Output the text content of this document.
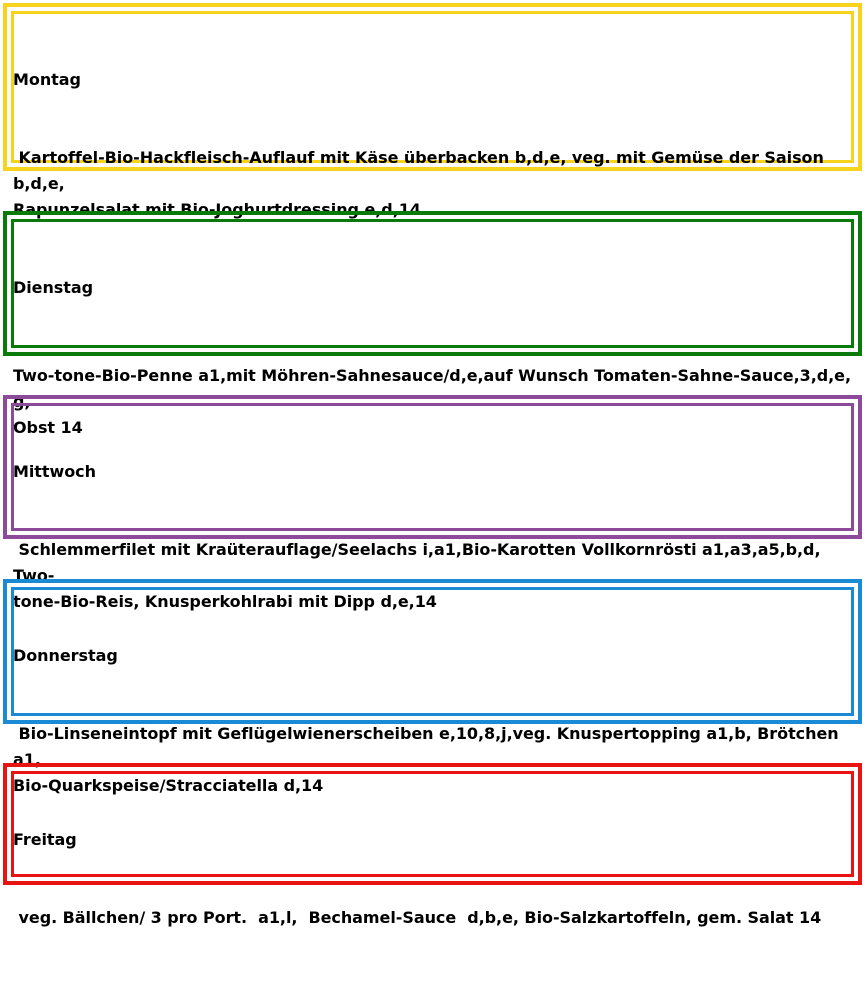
Montag

Kartoffel-Bio-Hackfleisch-Auflauf mit Käse überbacken b,d,e, veg. mit Gemüse der Saison b,d,e,
Rapunzelsalat mit Bio-Joghurtdressing e,d,14

Dienstag

Two-tone-Bio-Penne a1,mit Möhren-Sahnesauce/d,e,auf Wunsch Tomaten-Sahne-Sauce,3,d,e, g,
Obst 14

Mittwoch

Schlemmerfilet mit Kraüterauflage/Seelachs i,a1,Bio-Karotten Vollkornrösti a1,a3,a5,b,d, Two-
tone-Bio-Reis, Knusperkohlrabi mit Dipp d,e,14

Donnerstag

Bio-Linseneintopf mit Geflügelwienerscheiben e,10,8,j,veg. Knuspertopping a1,b, Brötchen a1,
Bio-Quarkspeise/Stracciatella d,14

Freitag

veg. Bällchen/ 3 pro Port.  a1,l,  Bechamel-Sauce  d,b,e, Bio-Salzkartoffeln, gem. Salat 14
